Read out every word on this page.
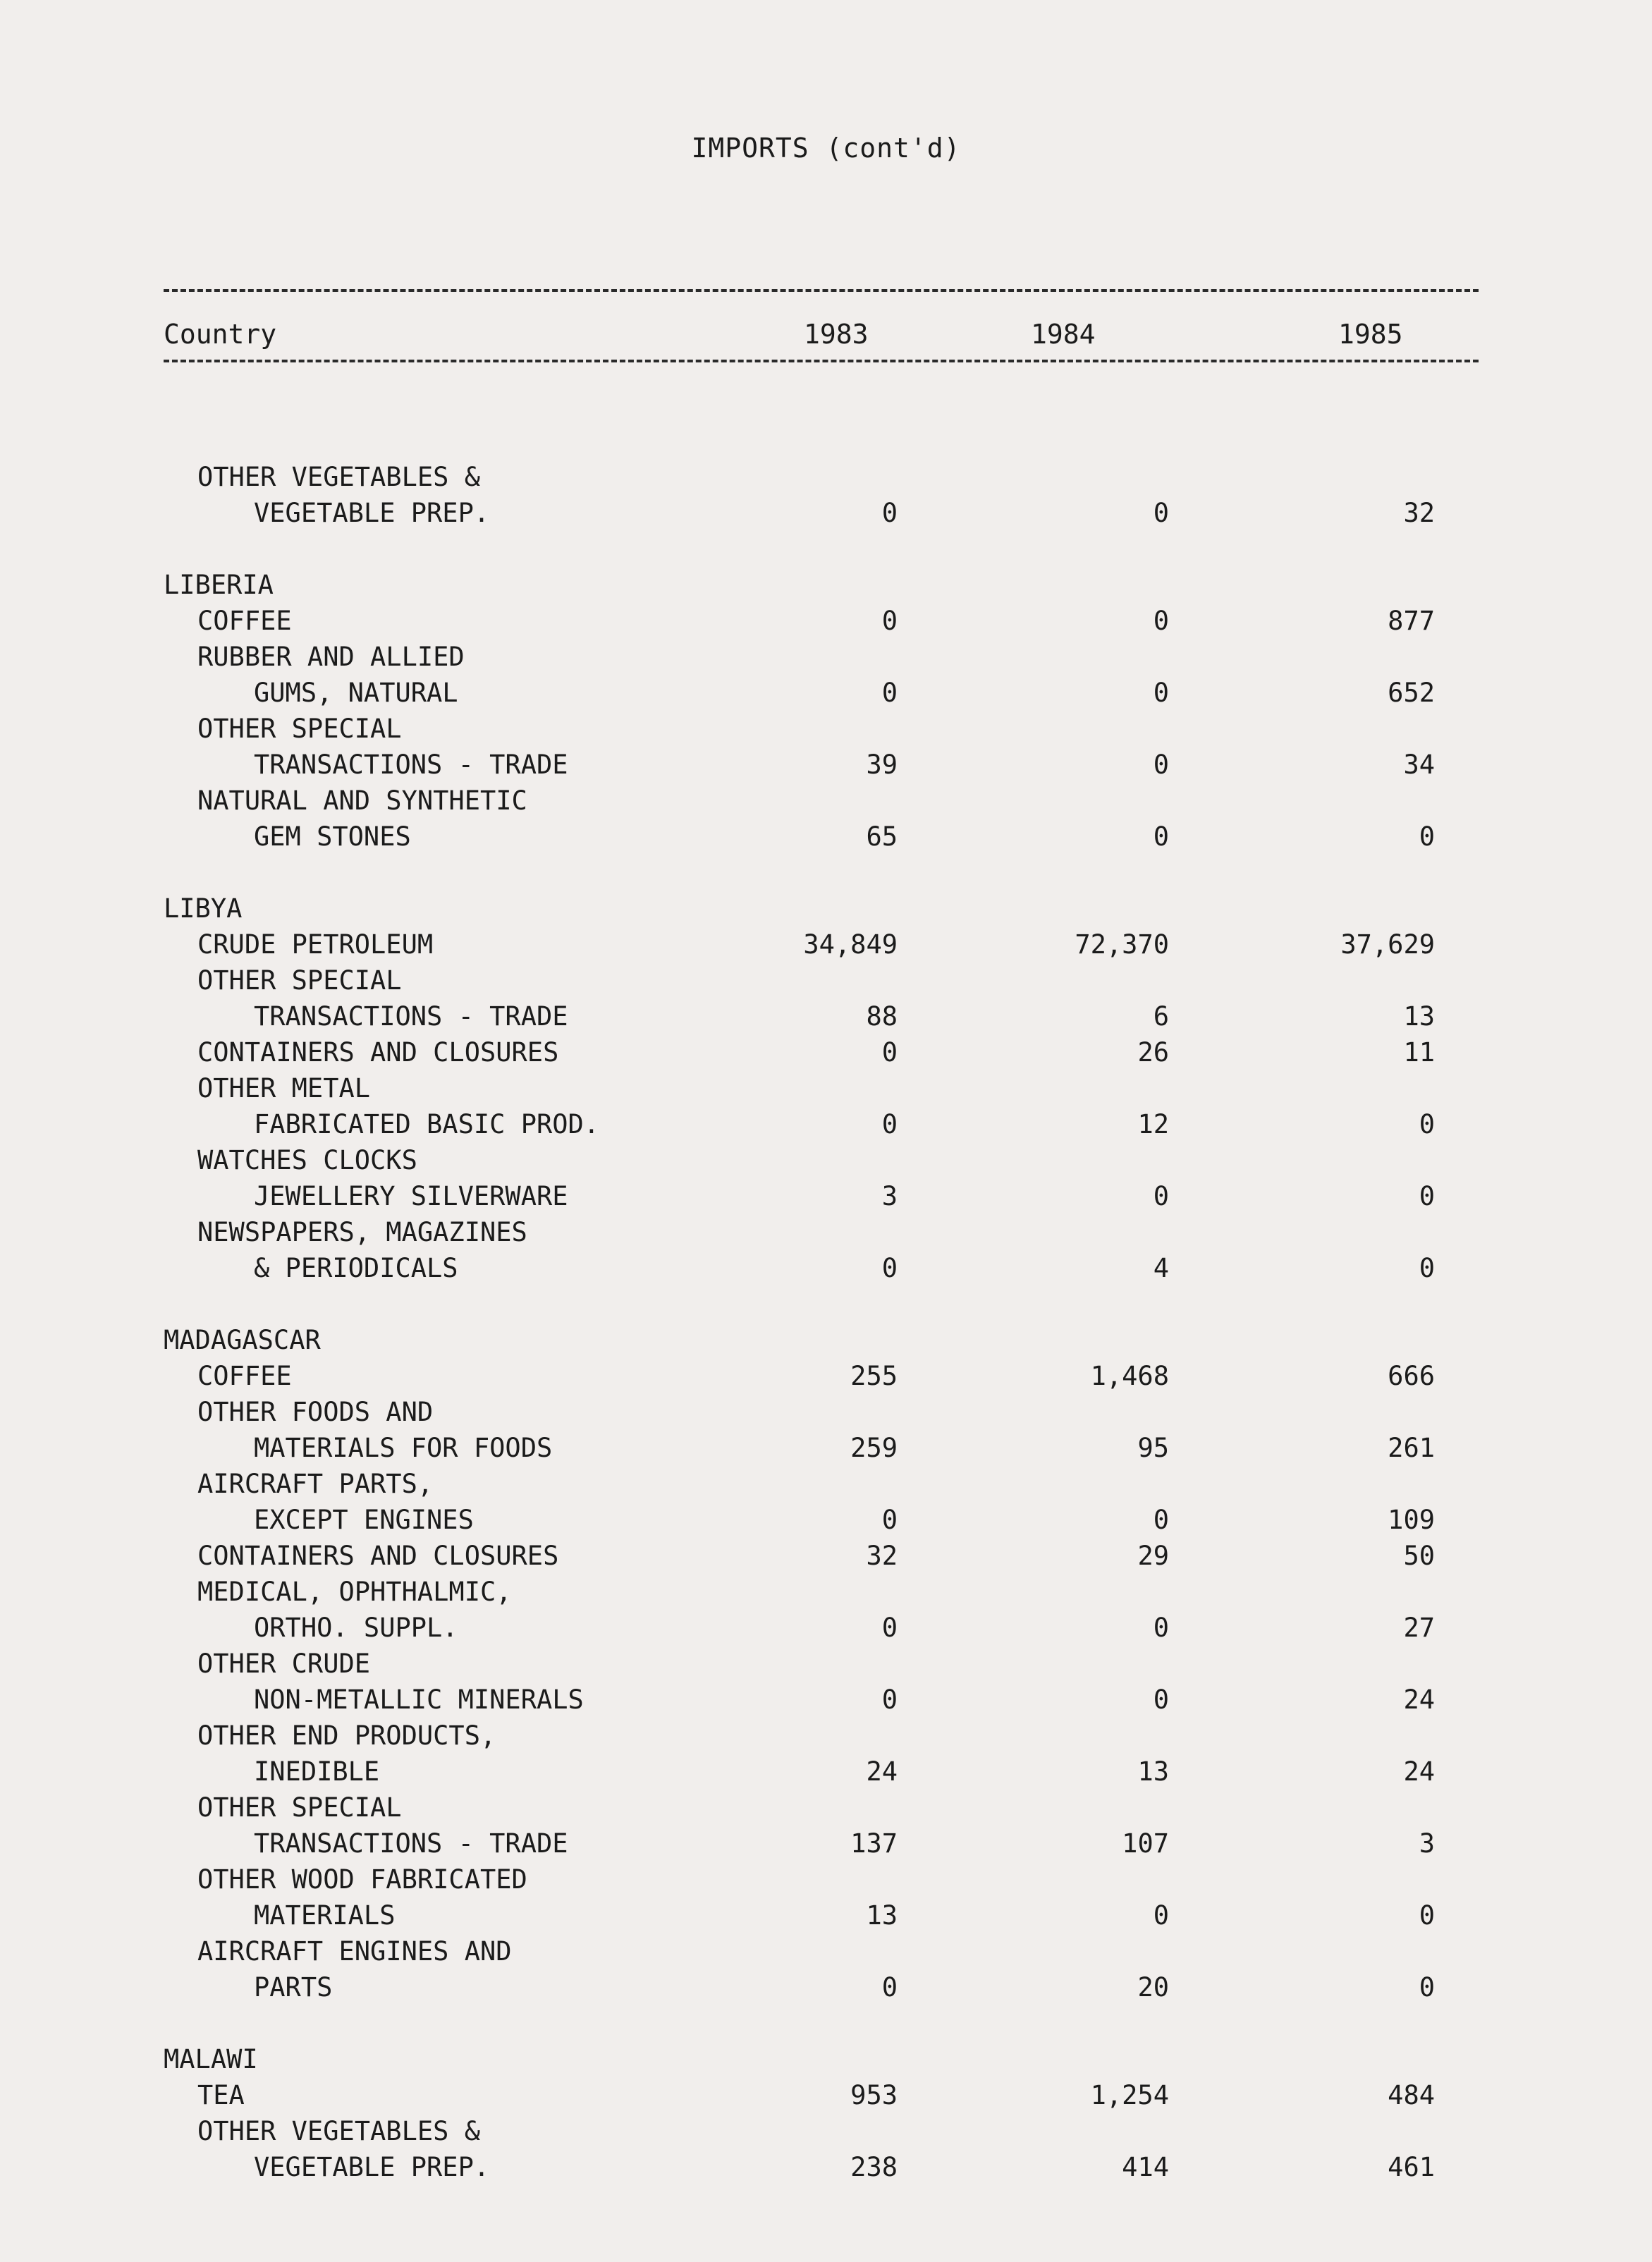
IMPORTS (cont'd)
Country	1983	1984	1985
OTHER VEGETABLES &
VEGETABLE PREP.	0	0	32
LIBERIA
COFFEE	0	0	877
RUBBER AND ALLIED
GUMS, NATURAL	0	0	652
OTHER SPECIAL
TRANSACTIONS - TRADE	39	0	34
NATURAL AND SYNTHETIC
GEM STONES	65	0	0
LIBYA
CRUDE PETROLEUM	34,849	72,370	37,629
OTHER SPECIAL
TRANSACTIONS - TRADE	88	6	13
CONTAINERS AND CLOSURES	0	26	11
OTHER METAL
FABRICATED BASIC PROD.	0	12	0
WATCHES CLOCKS
JEWELLERY SILVERWARE	3	0	0
NEWSPAPERS, MAGAZINES
& PERIODICALS	0	4	0
MADAGASCAR
COFFEE	255	1,468	666
OTHER FOODS AND
MATERIALS FOR FOODS	259	95	261
AIRCRAFT PARTS,
EXCEPT ENGINES	0	0	109
CONTAINERS AND CLOSURES	32	29	50
MEDICAL, OPHTHALMIC,
ORTHO. SUPPL.	0	0	27
OTHER CRUDE
NON-METALLIC MINERALS	0	0	24
OTHER END PRODUCTS,
INEDIBLE	24	13	24
OTHER SPECIAL
TRANSACTIONS - TRADE	137	107	3
OTHER WOOD FABRICATED
MATERIALS	13	0	0
AIRCRAFT ENGINES AND
PARTS	0	20	0
MALAWI
TEA	953	1,254	484
OTHER VEGETABLES &
VEGETABLE PREP.	238	414	461
